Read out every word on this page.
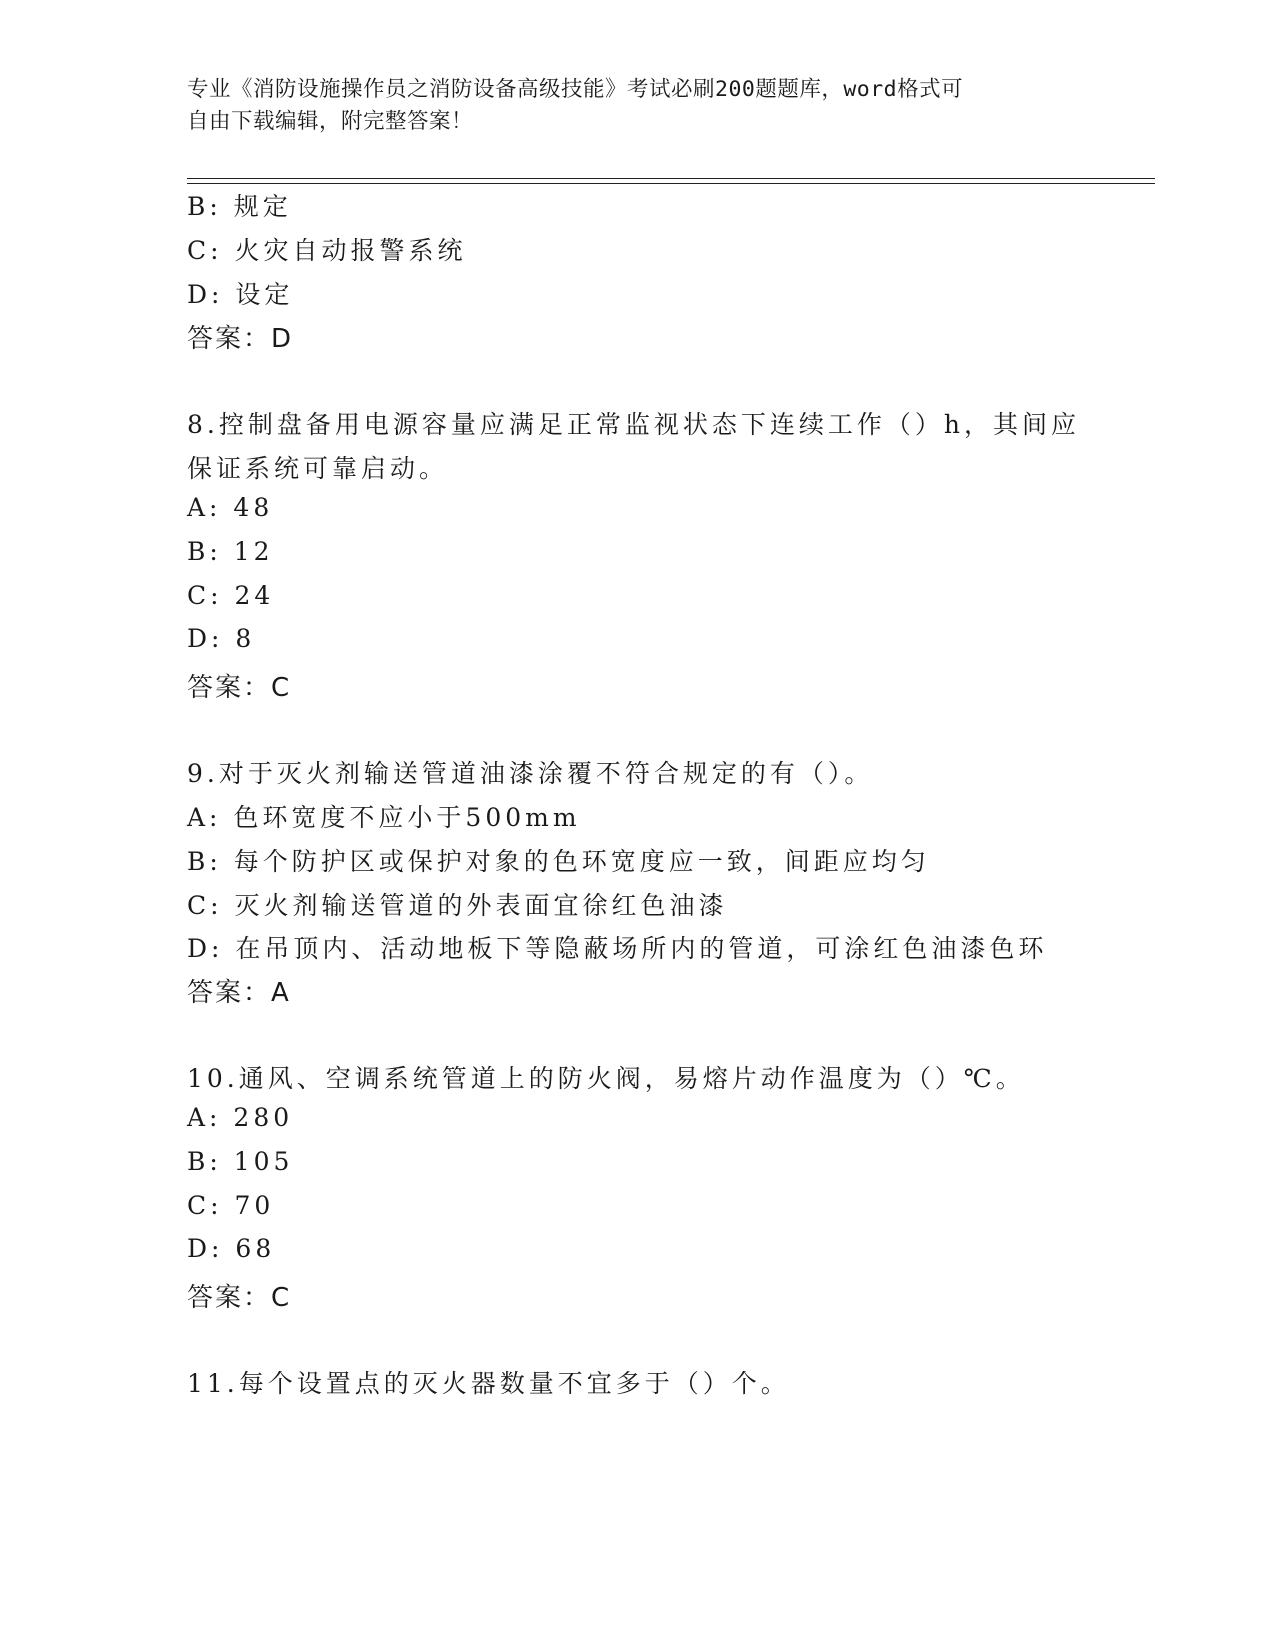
专业《消防设施操作员之消防设备高级技能》考试必刷200题题库，word格式可
自由下载编辑，附完整答案！
B: 规定
C: 火灾自动报警系统
D: 设定
答案：D
8.控制盘备用电源容量应满足正常监视状态下连续工作（）h，其间应
保证系统可靠启动。
A: 48
B: 12
C: 24
D: 8
答案：C
9.对于灭火剂输送管道油漆涂覆不符合规定的有（）。
A: 色环宽度不应小于500mm
B: 每个防护区或保护对象的色环宽度应一致，间距应均匀
C: 灭火剂输送管道的外表面宜徐红色油漆
D: 在吊顶内、活动地板下等隐蔽场所内的管道，可涂红色油漆色环
答案：A
10.通风、空调系统管道上的防火阀，易熔片动作温度为（）℃。
A: 280
B: 105
C: 70
D: 68
答案：C
11.每个设置点的灭火器数量不宜多于（）个。
